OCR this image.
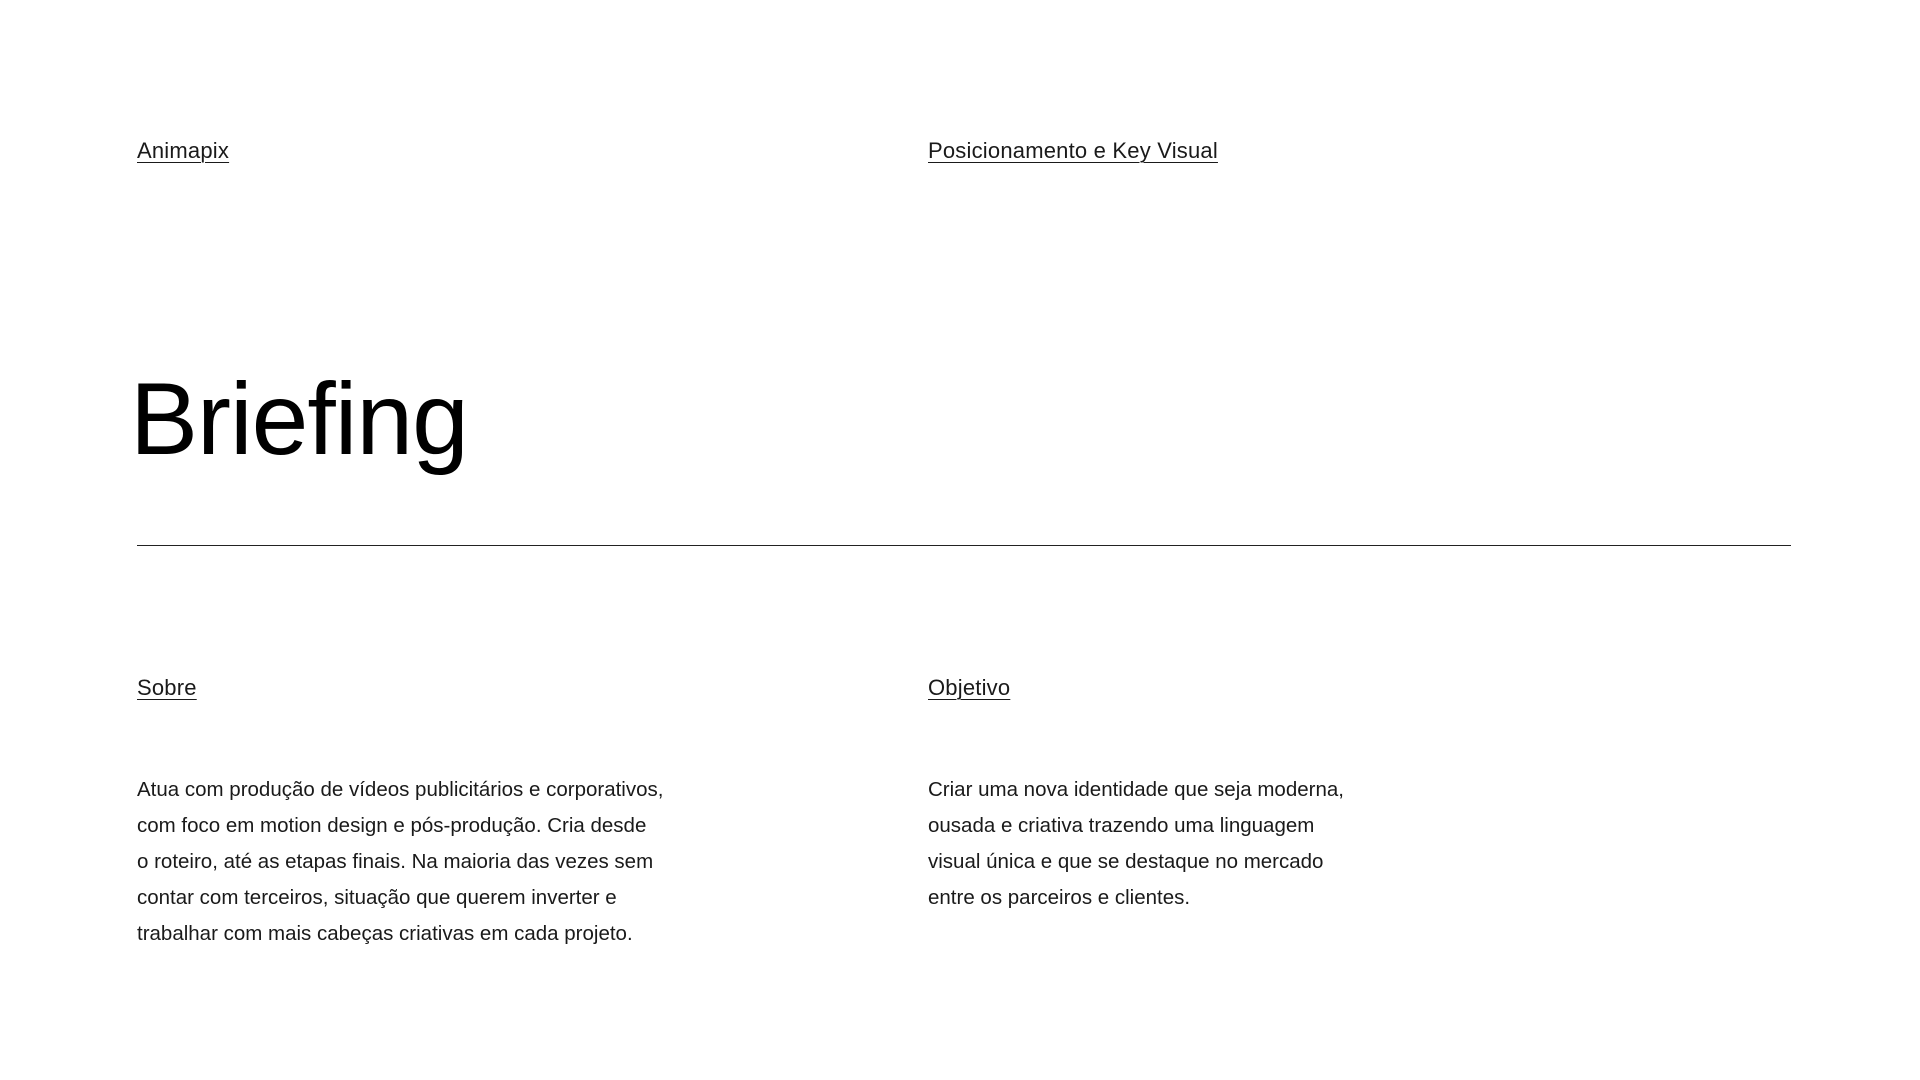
Animapix	Posicionamento e Key Visual
Briefing
Sobre	Objetivo

Atua com produção de vídeos publicitários e corporativos,
com foco em motion design e pós-produção. Cria desde
o roteiro, até as etapas finais. Na maioria das vezes sem
contar com terceiros, situação que querem inverter e
trabalhar com mais cabeças criativas em cada projeto.

Criar uma nova identidade que seja moderna,
ousada e criativa trazendo uma linguagem
visual única e que se destaque no mercado
entre os parceiros e clientes.
